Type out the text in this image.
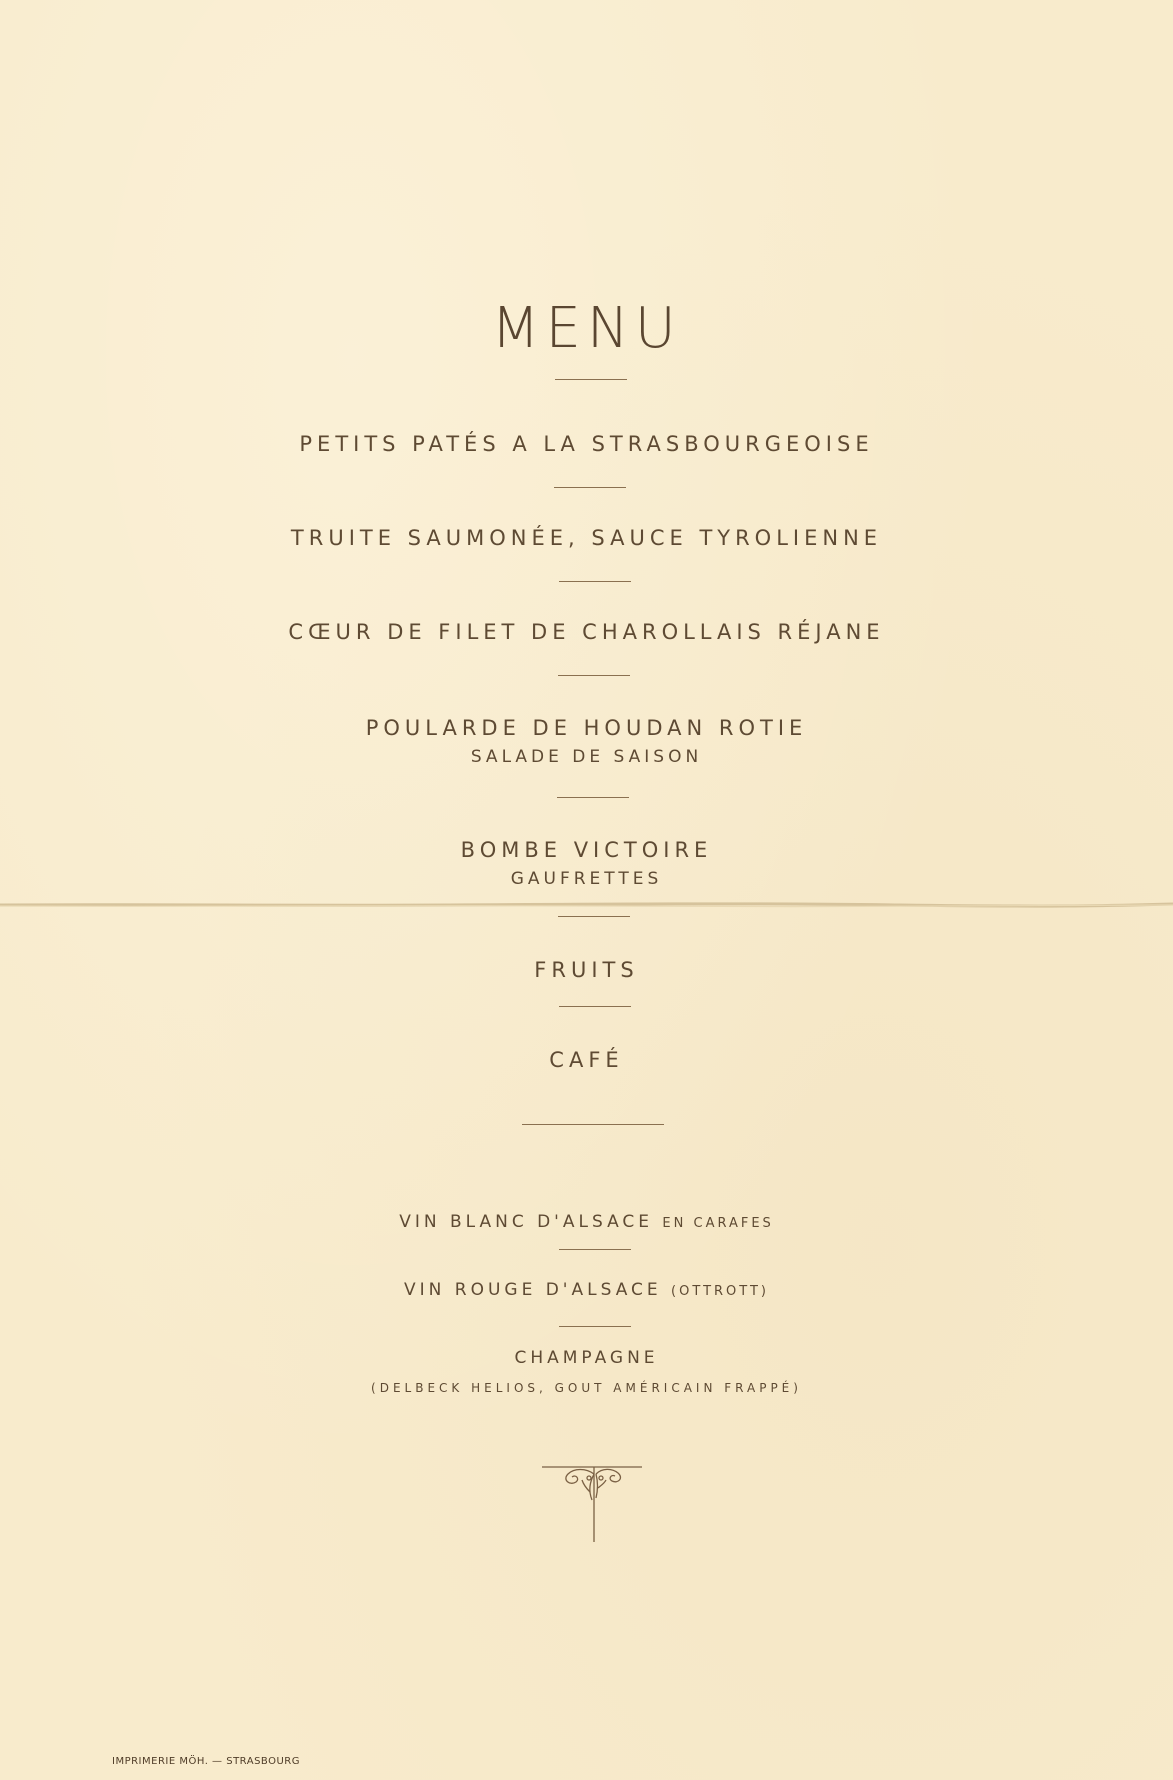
MENU
PETITS PATÉS A LA STRASBOURGEOISE
TRUITE SAUMONÉE, SAUCE TYROLIENNE
CŒUR DE FILET DE CHAROLLAIS RÉJANE
POULARDE DE HOUDAN ROTIE
SALADE DE SAISON
BOMBE VICTOIRE
GAUFRETTES
FRUITS
CAFÉ
VIN BLANC D'ALSACE EN CARAFES
VIN ROUGE D'ALSACE (OTTROTT)
CHAMPAGNE
(DELBECK HELIOS, GOUT AMÉRICAIN FRAPPÉ)
IMPRIMERIE MÖH. — STRASBOURG
